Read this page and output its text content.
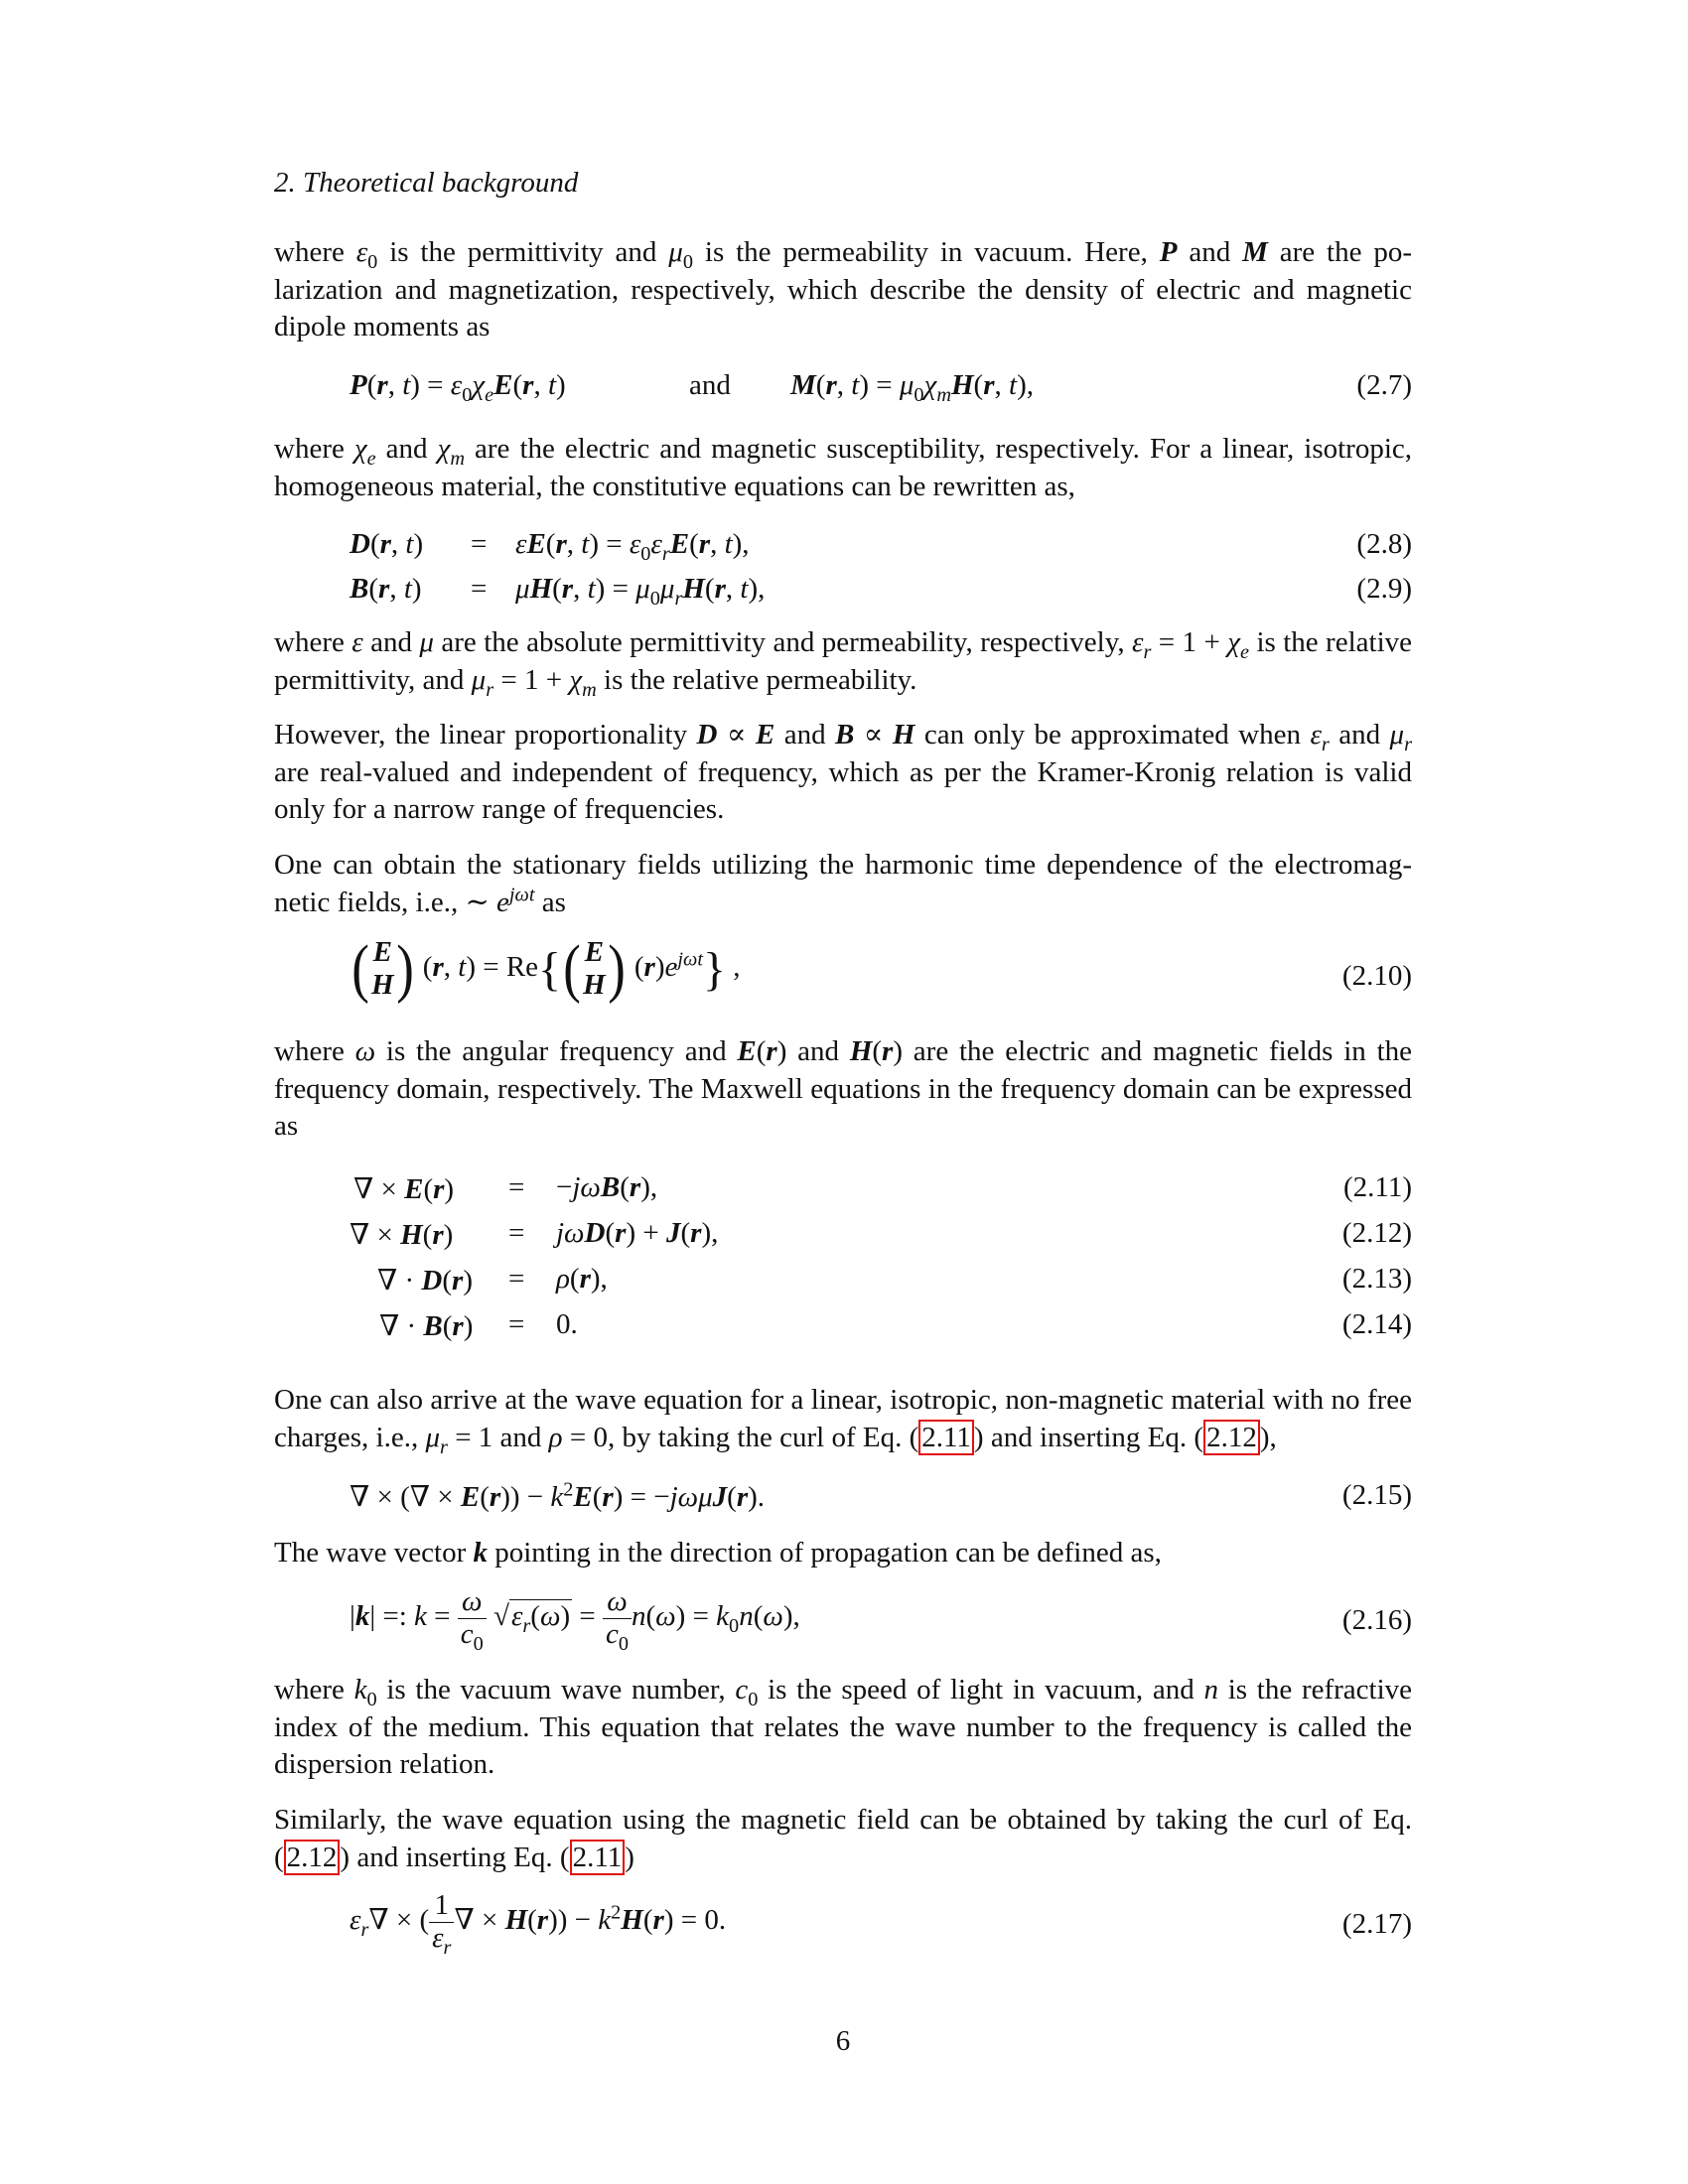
2. Theoretical background
where $\varepsilon_0$ is the permittivity and $\mu_0$ is the permeability in vacuum. Here, P and M are the po-larization and magnetization, respectively, which describe the density of electric and magnetic dipole moments as
P(r, $t) = \varepsilon_0\chi_eE(r$, t)	and M(r, $t) = \mu_0\chi_mH(r$, t),	(2.7)
where $\chi_e$ and $\chi_m$ are the electric and magnetic susceptibility, respectively. For a linear, isotropic, homogeneous material, the constitutive equations can be rewritten as,
D(r, t) = εE(r, $t) = \varepsilon_0\varepsilon_rE(r$, t),	(2.8)
B(r, t) = μH(r, $t) = \mu_0\mu_rH(r$, t),	(2.9)
where ε and μ are the absolute permittivity and permeability, respectively, $\varepsilon_r = 1 + \chi_e$ is the relative permittivity, and $\mu_r = 1 + \chi_m$ is the relative permeability.
However, the linear proportionality D ∝ E and B ∝ H can only be approximated when $\varepsilon_r$ and $\mu_r$ are real-valued and independent of frequency, which as per the Kramer-Kronig relation is valid only for a narrow range of frequencies.
One can obtain the stationary fields utilizing the harmonic time dependence of the electromag-netic fields, i.e., ∼ $e^{j\omega t}$ as
( E
H) (r, t) = Re{( E
H) $(r)e^{j\omega t}$} ,	(2.10)
where ω is the angular frequency and E(r) and H(r) are the electric and magnetic fields in the frequency domain, respectively. The Maxwell equations in the frequency domain can be expressed as
∇ × E(r) = −jωB(r),	(2.11)
∇ × H(r) = jωD(r) + J(r),	(2.12)
∇ · D(r) = ρ(r),	(2.13)
∇ · B(r) = 0.	(2.14)
One can also arrive at the wave equation for a linear, isotropic, non-magnetic material with no free charges, i.e., $\mu_r = 1$ and ρ = 0, by taking the curl of Eq. ( 2.11 ) and inserting Eq. ( 2.12 ),
∇ × (∇ × $E(r)) - k^2E(r) = -j\omega\mu J(r)$.	(2.15)
The wave vector k pointing in the direction of propagation can be defined as,
|k| =: $k = \frac{\omega}{c_0} √\varepsilon_r(\omega) = \frac{\omega}{c_0} n(\omega) = k_0n(\omega)$,	(2.16)
where $k_0$ is the vacuum wave number, $c_0$ is the speed of light in vacuum, and n is the refractive index of the medium. This equation that relates the wave number to the frequency is called the dispersion relation.
Similarly, the wave equation using the magnetic field can be obtained by taking the curl of Eq. ( 2.12 ) and inserting Eq. ( 2.11 )
$\varepsilon_r\nabla$ × ( $\frac{1}{\varepsilon_r}$ ∇ × $H(r)) - k^2H(r) = 0$.	(2.17)
6
